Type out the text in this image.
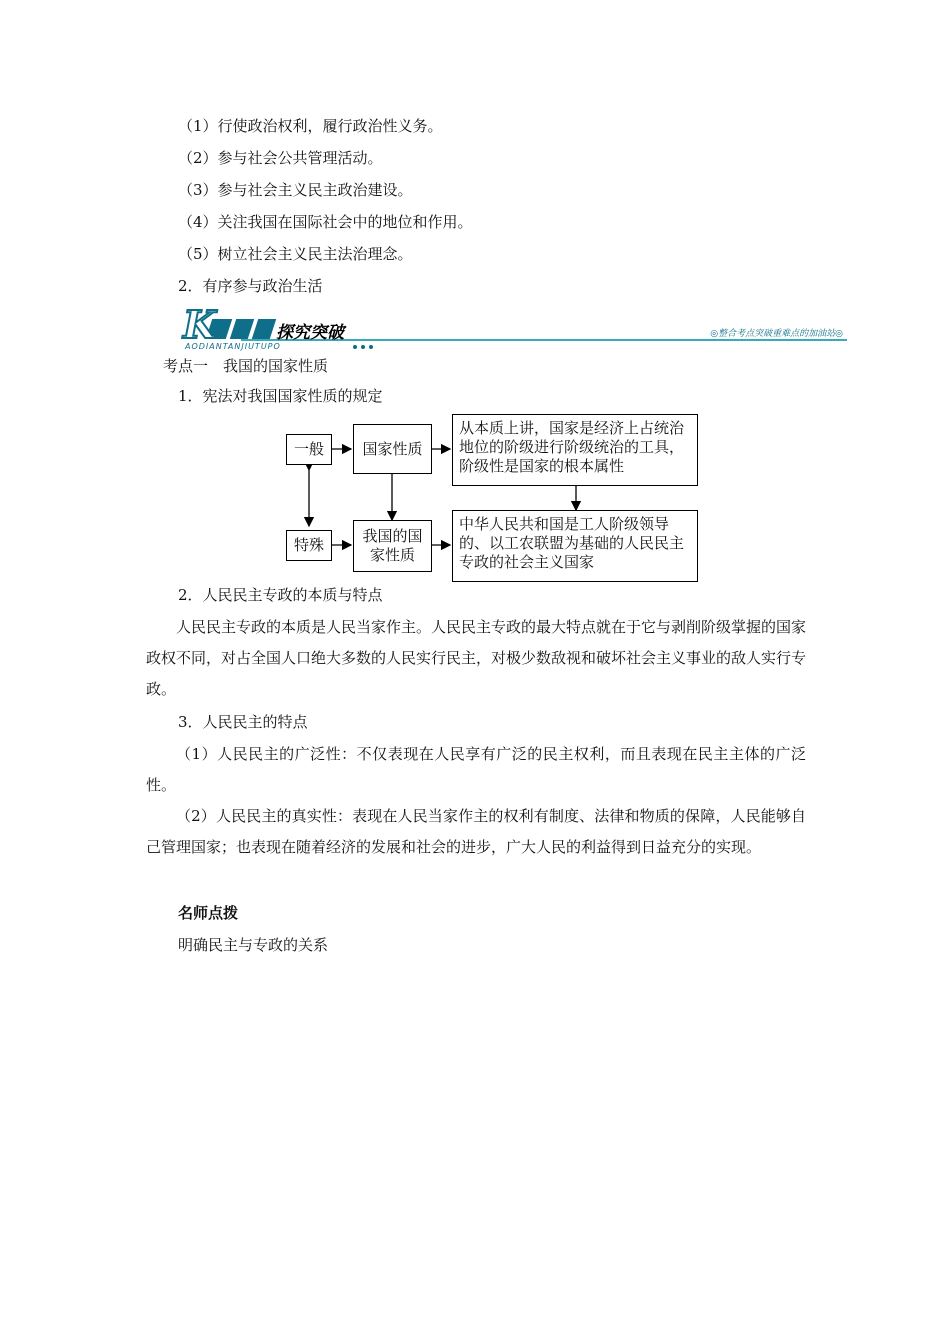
（1）行使政治权利，履行政治性义务。
（2）参与社会公共管理活动。
（3）参与社会主义民主政治建设。
（4）关注我国在国际社会中的地位和作用。
（5）树立社会主义民主法治理念。
2．有序参与政治生活
K	探究突破
AODIANTANJIUTUPO
◎整合考点突破重难点的加油站◎
考点一　我国的国家性质
1．宪法对我国国家性质的规定
一般	国家性质
从本质上讲，国家是经济上占统治地位的阶级进行阶级统治的工具，阶级性是国家的根本属性
特殊	我国的国家性质
中华人民共和国是工人阶级领导的、以工农联盟为基础的人民民主专政的社会主义国家
2．人民民主专政的本质与特点
人民民主专政的本质是人民当家作主。人民民主专政的最大特点就在于它与剥削阶级掌握的国家政权不同，对占全国人口绝大多数的人民实行民主，对极少数敌视和破坏社会主义事业的敌人实行专政。
3．人民民主的特点
（1）人民民主的广泛性：不仅表现在人民享有广泛的民主权利，而且表现在民主主体的广泛性。
（2）人民民主的真实性：表现在人民当家作主的权利有制度、法律和物质的保障，人民能够自己管理国家；也表现在随着经济的发展和社会的进步，广大人民的利益得到日益充分的实现。
名师点拨
明确民主与专政的关系
